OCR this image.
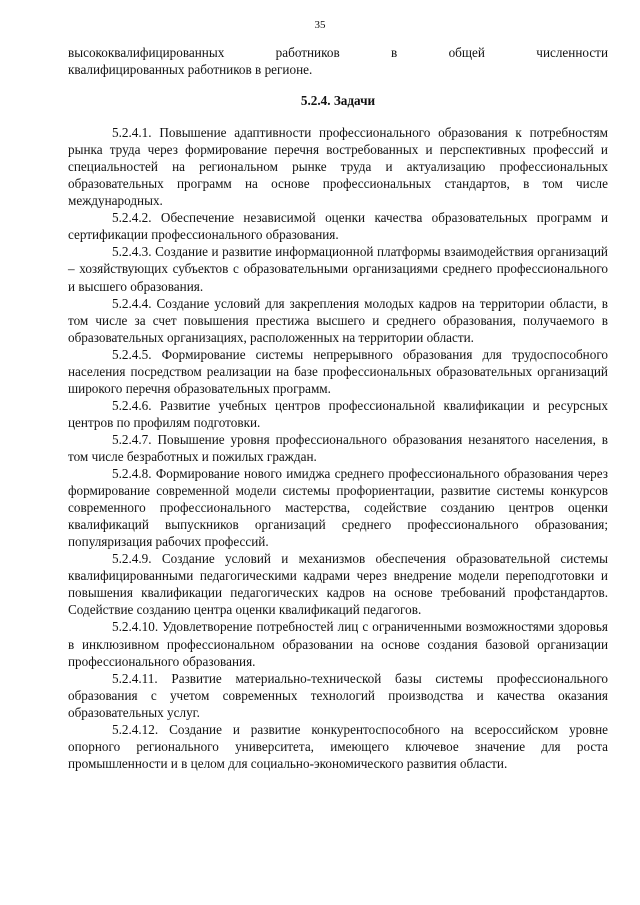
35

высококвалифицированных работников в общей численности

квалифицированных работников в регионе.

5.2.4. Задачи

5.2.4.1. Повышение адаптивности профессионального образования к потребностям рынка труда через формирование перечня востребованных и перспективных профессий и специальностей на региональном рынке труда и актуализацию профессиональных образовательных программ на основе профессиональных стандартов, в том числе международных.

5.2.4.2. Обеспечение независимой оценки качества образовательных программ и сертификации профессионального образования.

5.2.4.3. Создание и развитие информационной платформы взаимодействия организаций – хозяйствующих субъектов с образовательными организациями среднего профессионального и высшего образования.

5.2.4.4. Создание условий для закрепления молодых кадров на территории области, в том числе за счет повышения престижа высшего и среднего образования, получаемого в образовательных организациях, расположенных на территории области.

5.2.4.5. Формирование системы непрерывного образования для трудоспособного населения посредством реализации на базе профессиональных образовательных организаций широкого перечня образовательных программ.

5.2.4.6. Развитие учебных центров профессиональной квалификации и ресурсных центров по профилям подготовки.

5.2.4.7. Повышение уровня профессионального образования незанятого населения, в том числе безработных и пожилых граждан.

5.2.4.8. Формирование нового имиджа среднего профессионального образования через формирование современной модели системы профориентации, развитие системы конкурсов современного профессионального мастерства, содействие созданию центров оценки квалификаций выпускников организаций среднего профессионального образования; популяризация рабочих профессий.

5.2.4.9. Создание условий и механизмов обеспечения образовательной системы квалифицированными педагогическими кадрами через внедрение модели переподготовки и повышения квалификации педагогических кадров на основе требований профстандартов. Содействие созданию центра оценки квалификаций педагогов.

5.2.4.10. Удовлетворение потребностей лиц с ограниченными возможностями здоровья в инклюзивном профессиональном образовании на основе создания базовой организации профессионального образования.

5.2.4.11. Развитие материально-технической базы системы профессионального образования с учетом современных технологий производства и качества оказания образовательных услуг.

5.2.4.12. Создание и развитие конкурентоспособного на всероссийском уровне опорного регионального университета, имеющего ключевое значение для роста промышленности и в целом для социально-экономического развития области.
